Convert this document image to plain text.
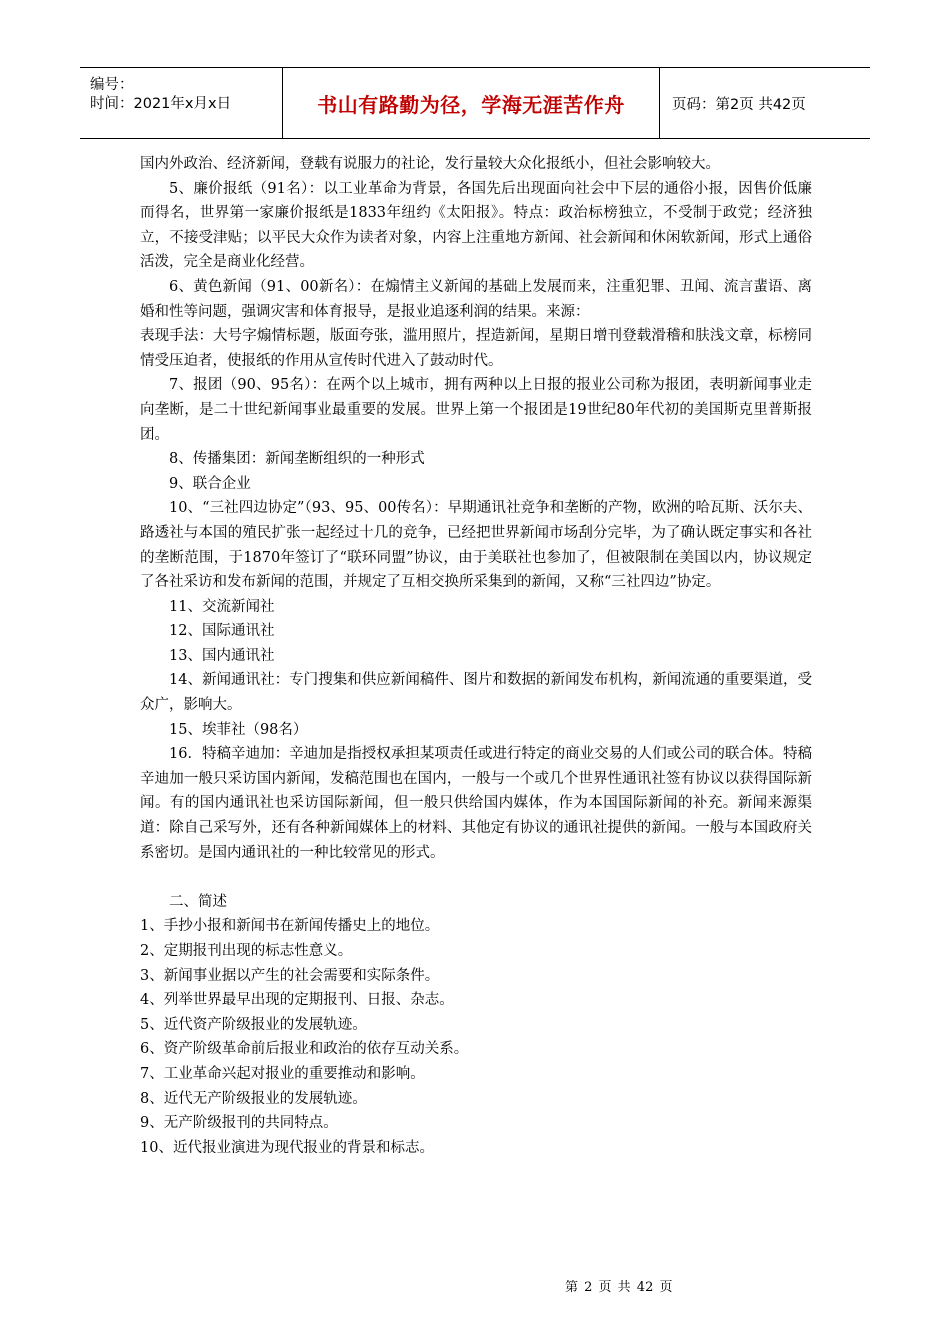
编号：
时间：2021年x月x日	书山有路勤为径，学海无涯苦作舟	页码：第2页 共42页

国内外政治、经济新闻，登载有说服力的社论，发行量较大众化报纸小，但社会影响较大。

5、廉价报纸（91名）：以工业革命为背景，各国先后出现面向社会中下层的通俗小报，因售价低廉而得名，世界第一家廉价报纸是1833年纽约《太阳报》。特点：政治标榜独立，不受制于政党；经济独立，不接受津贴；以平民大众作为读者对象，内容上注重地方新闻、社会新闻和休闲软新闻，形式上通俗活泼，完全是商业化经营。

6、黄色新闻（91、00新名）：在煽情主义新闻的基础上发展而来，注重犯罪、丑闻、流言蜚语、离婚和性等问题，强调灾害和体育报导，是报业追逐利润的结果。来源：

表现手法：大号字煽情标题，版面夸张，滥用照片，捏造新闻，星期日增刊登载滑稽和肤浅文章，标榜同情受压迫者，使报纸的作用从宣传时代进入了鼓动时代。

7、报团（90、95名）：在两个以上城市，拥有两种以上日报的报业公司称为报团，表明新闻事业走向垄断，是二十世纪新闻事业最重要的发展。世界上第一个报团是19世纪80年代初的美国斯克里普斯报团。

8、传播集团：新闻垄断组织的一种形式

9、联合企业

10、“三社四边协定”（93、95、00传名）：早期通讯社竞争和垄断的产物，欧洲的哈瓦斯、沃尔夫、路透社与本国的殖民扩张一起经过十几的竞争，已经把世界新闻市场刮分完毕，为了确认既定事实和各社的垄断范围，于1870年签订了“联环同盟”协议，由于美联社也参加了，但被限制在美国以内，协议规定了各社采访和发布新闻的范围，并规定了互相交换所采集到的新闻，又称“三社四边”协定。

11、交流新闻社

12、国际通讯社

13、国内通讯社

14、新闻通讯社：专门搜集和供应新闻稿件、图片和数据的新闻发布机构，新闻流通的重要渠道，受众广，影响大。

15、埃菲社（98名）

16．特稿辛迪加：辛迪加是指授权承担某项责任或进行特定的商业交易的人们或公司的联合体。特稿辛迪加一般只采访国内新闻，发稿范围也在国内，一般与一个或几个世界性通讯社签有协议以获得国际新闻。有的国内通讯社也采访国际新闻，但一般只供给国内媒体，作为本国国际新闻的补充。新闻来源渠道：除自己采写外，还有各种新闻媒体上的材料、其他定有协议的通讯社提供的新闻。一般与本国政府关系密切。是国内通讯社的一种比较常见的形式。

二、简述

1、手抄小报和新闻书在新闻传播史上的地位。

2、定期报刊出现的标志性意义。

3、新闻事业据以产生的社会需要和实际条件。

4、列举世界最早出现的定期报刊、日报、杂志。

5、近代资产阶级报业的发展轨迹。

6、资产阶级革命前后报业和政治的依存互动关系。

7、工业革命兴起对报业的重要推动和影响。

8、近代无产阶级报业的发展轨迹。

9、无产阶级报刊的共同特点。

10、近代报业演进为现代报业的背景和标志。

第 2 页 共 42 页
